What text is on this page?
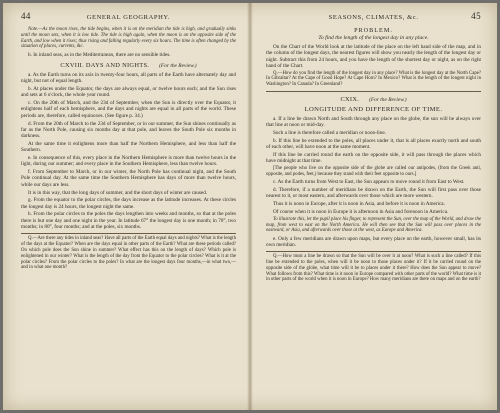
44	GENERAL GEOGRAPHY.

Note.—As the moon rises, the tide begins, when it is on the meridian the tide is high, and gradually sinks until the moon sets, when it is low tide. The tide is high again, when the moon is on the opposite side of the Earth, and low when it rises; thus rising and falling regularly every six hours. The time is often changed by the situation of places, currents, &c.

b. In inland seas, as in the Mediterranean, there are no sensible tides.

CXVIII. DAYS AND NIGHTS. (For the Review.)

a. As the Earth turns on its axis in twenty-four hours, all parts of the Earth have alternately day and night, but not of equal length.

b. At places under the Equator, the days are always equal, or twelve hours each; and the Sun rises and sets at 6 o'clock, the whole year round.

c. On the 20th of March, and the 23d of September, when the Sun is directly over the Equator, it enlightens half of each hemisphere, and the days and nights are equal in all parts of the world. These periods are, therefore, called equinoxes. (See figure p. 34.)

d. From the 20th of March to the 23d of September, or in our summer, the Sun shines continually as far as the North Pole, causing six months day at that pole, and leaves the South Pole six months in darkness.

At the same time it enlightens more than half the Northern Hemisphere, and less than half the Southern.

e. In consequence of this, every place in the Northern Hemisphere is more than twelve hours in the light, during our summer; and every place in the Southern Hemisphere, less than twelve hours.

f. From September to March, or in our winter, the North Pole has continual night, and the South Pole continual day. At the same time the Southern Hemisphere has days of more than twelve hours, while our days are less.

It is in this way, that the long days of summer, and the short days of winter are caused.

g. From the equator to the polar circles, the days increase as the latitude increases. At these circles the longest day is 24 hours, the longest night the same.

h. From the polar circles to the poles the days lengthen into weeks and months, so that at the poles there is but one day and one night in the year. In latitude 67° the longest day is one month; in 70°, two months; in 80°, four months; and at the poles, six months.

Q.—Are there any tides in inland seas? Have all parts of the Earth equal days and nights? What is the length of the days at the Equator? When are the days equal in other parts of the Earth? What are these periods called? On which pole does the Sun shine in summer? What effect has this on the length of days? Which pole is enlightened in our winter? What is the length of the day from the Equator to the polar circles? What is it at the polar circles? From the polar circles to the poles? In what are the longest days four months,—in what two,—and in what one month?

SEASONS, CLIMATES, &c.	45
PROBLEM.
To find the length of the longest day in any place.

On the Chart of the World look at the latitude of the place on the left hand side of the map, and in the column of the longest days, the nearest figures will show you nearly the length of the longest day or night. Subtract this from 24 hours, and you have the length of the shortest day or night, as on the right hand of the Chart.

Q.—How do you find the length of the longest day in any place? What is the longest day at the North Cape? In Gibraltar? At the Cape of Good Hope? At Cape Horn? In Mexico? What is the length of the longest night in Washington? In Canada? In Greenland?

CXIX. (For the Review.)
LONGITUDE AND DIFFERENCE OF TIME.

a. If a line be drawn North and South through any place on the globe, the sun will be always over that line at noon or mid-day.

Such a line is therefore called a meridian or noon-line.

b. If this line be extended to the poles, all places under it, that is all places exactly north and south of each other, will have noon at the same moment.

If this line be carried round the earth on the opposite side, it will pass through the places which have midnight at that time.

[The people who live on the opposite side of the globe are called our antipodes, (from the Greek anti, opposite, and podes, feet,) because they stand with their feet opposite to ours.]

c. As the Earth turns from West to East, the Sun appears to move round it from East to West.

d. Therefore, if a number of meridians be drawn on the Earth, the Sun will first pass over those nearest to it, or most eastern, and afterwards over those which are more western.

Thus it is noon in Europe, after it is noon in Asia, and before it is noon in America.

Of course when it is noon in Europe it is afternoon in Asia and forenoon in America.

To illustrate this, let the pupil place his finger, to represent the Sun, over the map of the World, and draw the map, from west to east on the North America. He will then see that the Sun will pass over places in the eastward, or Asia, and afterwards over those at the west, as Europe and America.

e. Only a few meridians are drawn upon maps, but every place on the earth, however small, has its own meridian.

Q.—How must a line be drawn so that the Sun will be over it at noon? What is such a line called? If this line be extended to the poles, when will it be noon to those places under it? If it be carried round on the opposite side of the globe, what time will it be to places under it there? How does the Sun appear to move? What follows from this? What time is it noon in Europe compared with other parts of the world? What time is it in other parts of the world when it is noon in Europe? How many meridians are there on maps and on the earth?
